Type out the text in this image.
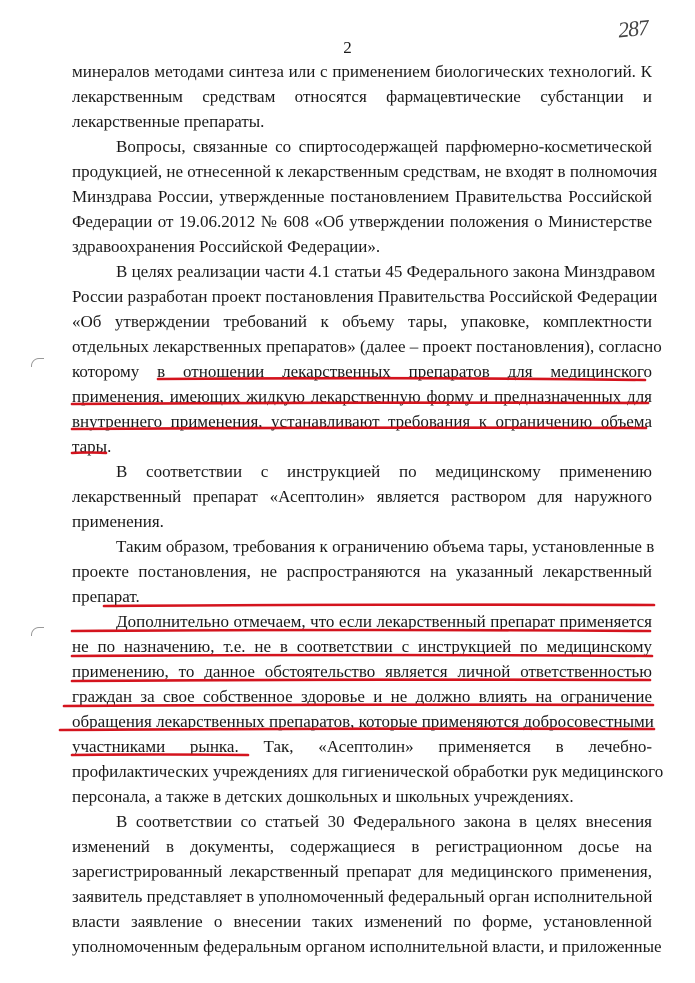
2
287
минералов методами синтеза или с применением биологических технологий. К
лекарственным средствам относятся фармацевтические субстанции и
лекарственные препараты.
Вопросы, связанные со спиртосодержащей парфюмерно-косметической
продукцией, не отнесенной к лекарственным средствам, не входят в полномочия
Минздрава России, утвержденные постановлением Правительства Российской
Федерации от 19.06.2012 № 608 «Об утверждении положения о Министерстве
здравоохранения Российской Федерации».
В целях реализации части 4.1 статьи 45 Федерального закона Минздравом
России разработан проект постановления Правительства Российской Федерации
«Об утверждении требований к объему тары, упаковке, комплектности
отдельных лекарственных препаратов» (далее – проект постановления), согласно
которому в отношении лекарственных препаратов для медицинского
применения, имеющих жидкую лекарственную форму и предназначенных для
внутреннего применения, устанавливают требования к ограничению объема
тары.
В соответствии с инструкцией по медицинскому применению
лекарственный препарат «Асептолин» является раствором для наружного
применения.
Таким образом, требования к ограничению объема тары, установленные в
проекте постановления, не распространяются на указанный лекарственный
препарат.
Дополнительно отмечаем, что если лекарственный препарат применяется
не по назначению, т.е. не в соответствии с инструкцией по медицинскому
применению, то данное обстоятельство является личной ответственностью
граждан за свое собственное здоровье и не должно влиять на ограничение
обращения лекарственных препаратов, которые применяются добросовестными
участниками рынка. Так, «Асептолин» применяется в лечебно-
профилактических учреждениях для гигиенической обработки рук медицинского
персонала, а также в детских дошкольных и школьных учреждениях.
В соответствии со статьей 30 Федерального закона в целях внесения
изменений в документы, содержащиеся в регистрационном досье на
зарегистрированный лекарственный препарат для медицинского применения,
заявитель представляет в уполномоченный федеральный орган исполнительной
власти заявление о внесении таких изменений по форме, установленной
уполномоченным федеральным органом исполнительной власти, и приложенные
